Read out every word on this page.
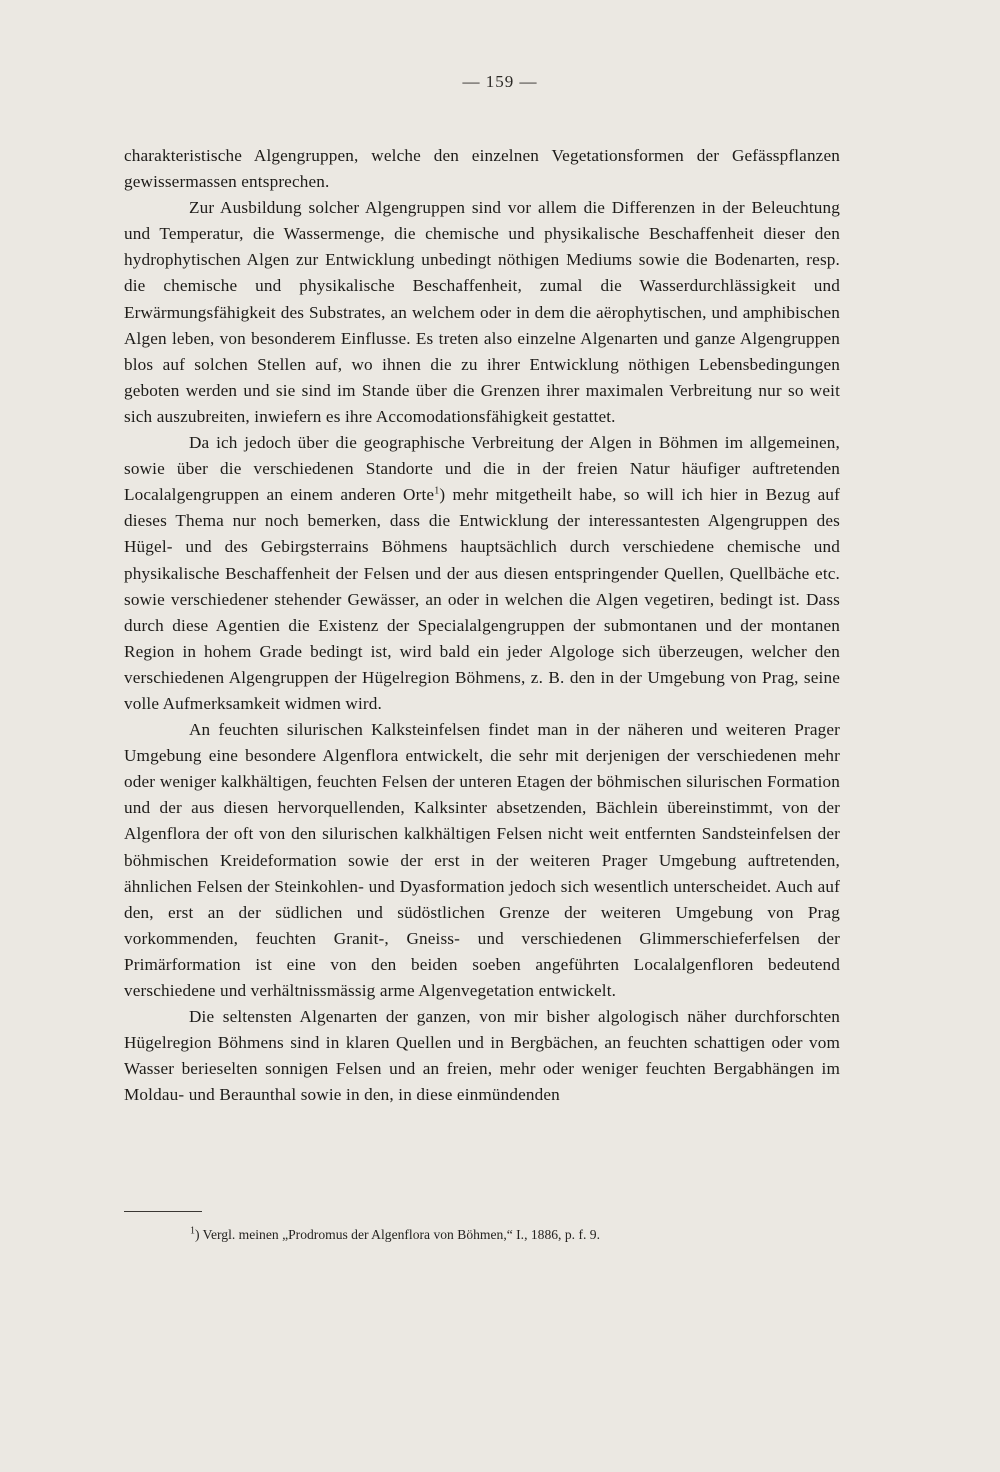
— 159 —

charakteristische Algengruppen, welche den einzelnen Vegetationsformen der Gefässpflanzen gewissermassen entsprechen.

Zur Ausbildung solcher Algengruppen sind vor allem die Differenzen in der Beleuchtung und Temperatur, die Wassermenge, die chemische und physikalische Beschaffenheit dieser den hydrophytischen Algen zur Entwicklung unbedingt nöthigen Mediums sowie die Bodenarten, resp. die chemische und physikalische Beschaffenheit, zumal die Wasserdurchlässigkeit und Erwärmungsfähigkeit des Substrates, an welchem oder in dem die aërophytischen, und amphibischen Algen leben, von besonderem Einflusse. Es treten also einzelne Algenarten und ganze Algengruppen blos auf solchen Stellen auf, wo ihnen die zu ihrer Entwicklung nöthigen Lebensbedingungen geboten werden und sie sind im Stande über die Grenzen ihrer maximalen Verbreitung nur so weit sich auszubreiten, inwiefern es ihre Accomodationsfähigkeit gestattet.

Da ich jedoch über die geographische Verbreitung der Algen in Böhmen im allgemeinen, sowie über die verschiedenen Standorte und die in der freien Natur häufiger auftretenden Localalgengruppen an einem anderen Orte$^1$) mehr mitgetheilt habe, so will ich hier in Bezug auf dieses Thema nur noch bemerken, dass die Entwicklung der interessantesten Algengruppen des Hügel- und des Gebirgsterrains Böhmens hauptsächlich durch verschiedene chemische und physikalische Beschaffenheit der Felsen und der aus diesen entspringender Quellen, Quellbäche etc. sowie verschiedener stehender Gewässer, an oder in welchen die Algen vegetiren, bedingt ist. Dass durch diese Agentien die Existenz der Specialalgengruppen der submontanen und der montanen Region in hohem Grade bedingt ist, wird bald ein jeder Algologe sich überzeugen, welcher den verschiedenen Algengruppen der Hügelregion Böhmens, z. B. den in der Umgebung von Prag, seine volle Aufmerksamkeit widmen wird.

An feuchten silurischen Kalksteinfelsen findet man in der näheren und weiteren Prager Umgebung eine besondere Algenflora entwickelt, die sehr mit derjenigen der verschiedenen mehr oder weniger kalkhältigen, feuchten Felsen der unteren Etagen der böhmischen silurischen Formation und der aus diesen hervorquellenden, Kalksinter absetzenden, Bächlein übereinstimmt, von der Algenflora der oft von den silurischen kalkhältigen Felsen nicht weit entfernten Sandsteinfelsen der böhmischen Kreideformation sowie der erst in der weiteren Prager Umgebung auftretenden, ähnlichen Felsen der Steinkohlen- und Dyasformation jedoch sich wesentlich unterscheidet. Auch auf den, erst an der südlichen und südöstlichen Grenze der weiteren Umgebung von Prag vorkommenden, feuchten Granit-, Gneiss- und verschiedenen Glimmerschieferfelsen der Primärformation ist eine von den beiden soeben angeführten Localalgenfloren bedeutend verschiedene und verhältnissmässig arme Algenvegetation entwickelt.

Die seltensten Algenarten der ganzen, von mir bisher algologisch näher durchforschten Hügelregion Böhmens sind in klaren Quellen und in Bergbächen, an feuchten schattigen oder vom Wasser berieselten sonnigen Felsen und an freien, mehr oder weniger feuchten Bergabhängen im Moldau- und Beraunthal sowie in den, in diese einmündenden

$^1$) Vergl. meinen „Prodromus der Algenflora von Böhmen,“ I., 1886, p. f. 9.
